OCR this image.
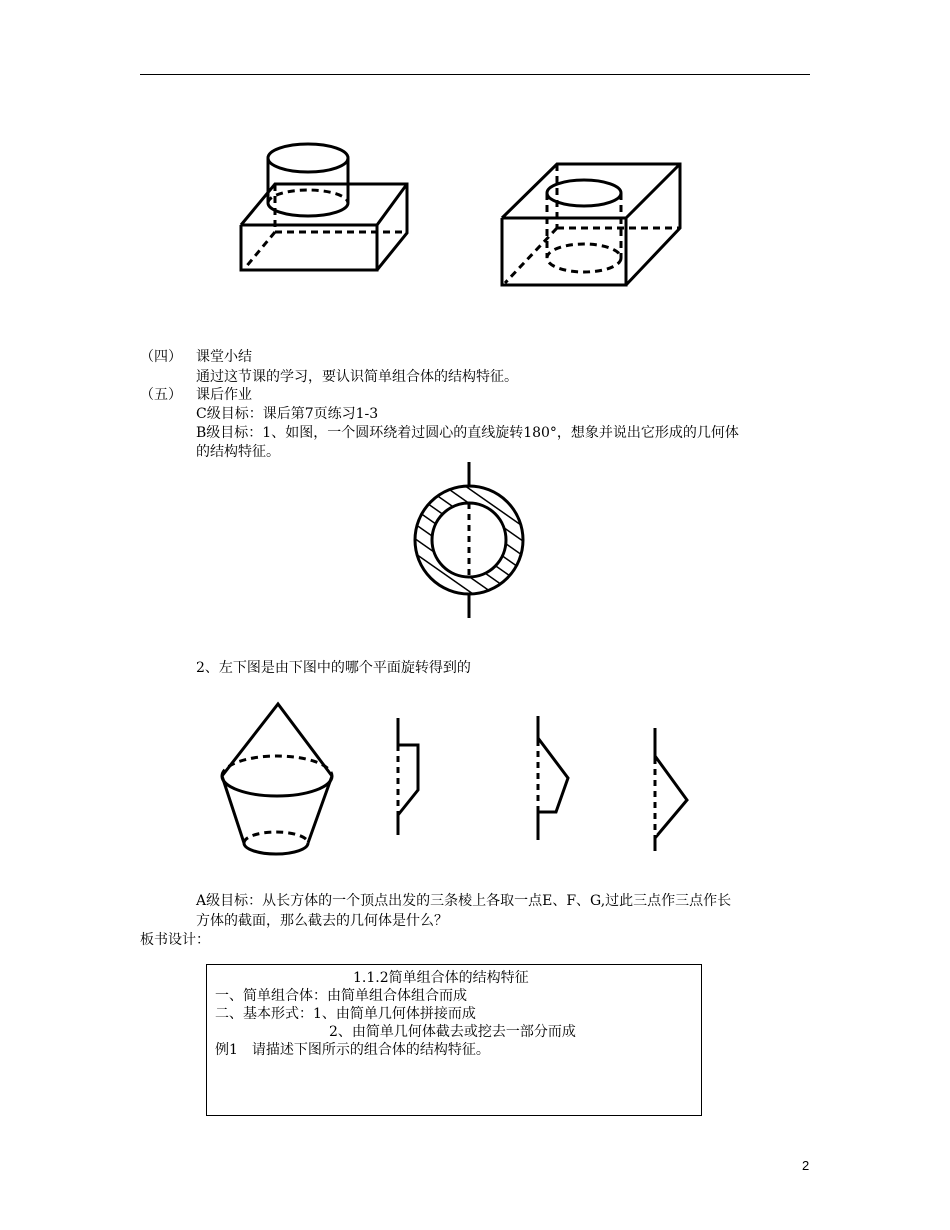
（四） 课堂小结
通过这节课的学习，要认识简单组合体的结构特征。
（五） 课后作业
C级目标：课后第7页练习1-3
B级目标：1、如图，一个圆环绕着过圆心的直线旋转180°，想象并说出它形成的几何体
的结构特征。
2、左下图是由下图中的哪个平面旋转得到的
A级目标：从长方体的一个顶点出发的三条棱上各取一点E、F、G,过此三点作三点作长
方体的截面，那么截去的几何体是什么？
板书设计：
1.1.2简单组合体的结构特征
一、简单组合体：由简单组合体组合而成
二、基本形式：1、由简单几何体拼接而成
2、由简单几何体截去或挖去一部分而成
例1　请描述下图所示的组合体的结构特征。
2
